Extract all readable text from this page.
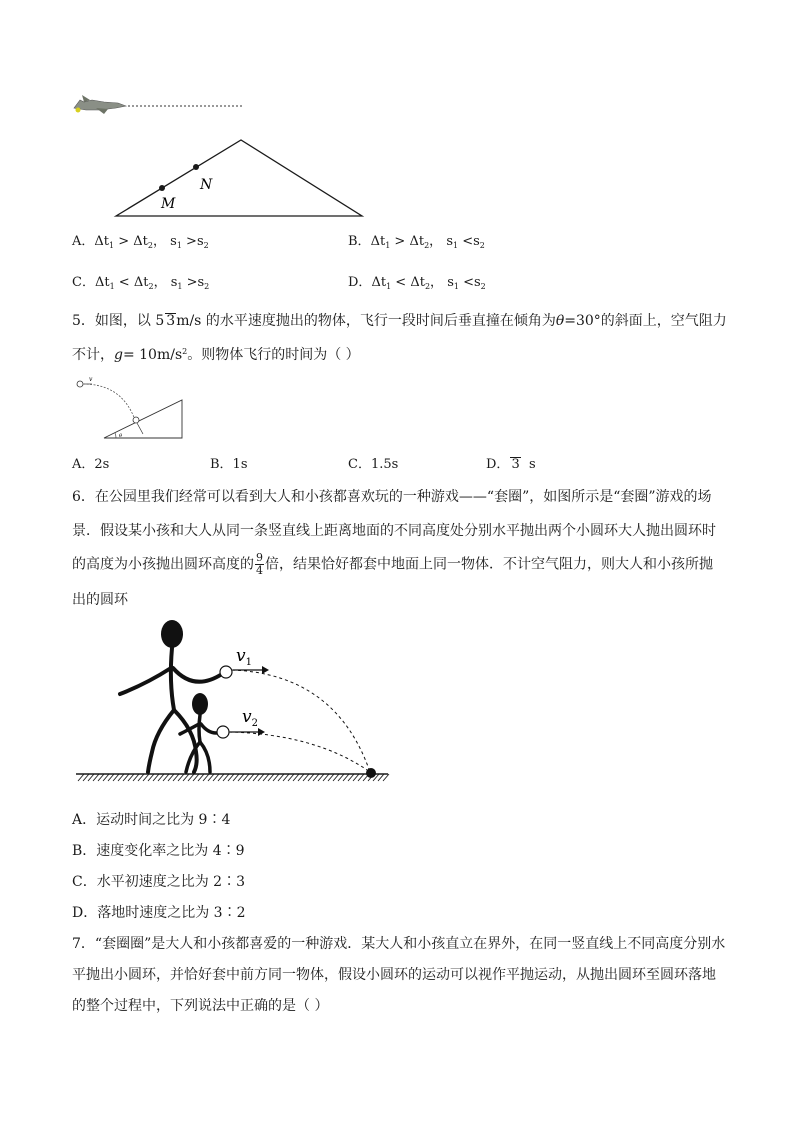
M
N
A．$\Delta t_1 > \Delta t_2$， $s_1 >s_2$	B．$\Delta t_1 > \Delta t_2$， $s_1 <s_2$
C．$\Delta t_1 < \Delta t_2$， $s_1 >s_2$	D．$\Delta t_1 < \Delta t_2$， $s_1 <s_2$
5．如图，以 5 3m/s 的水平速度抛出的物体，飞行一段时间后垂直撞在倾角为θ=30°的斜面上，空气阻力
不计，$g= 10m/s^2$。则物体飞行的时间为（ ）
v
θ
A．2s	B．1s	C．1.5s	D． 3 s
6．在公园里我们经常可以看到大人和小孩都喜欢玩的一种游戏——“套圈”，如图所示是“套圈”游戏的场
景．假设某小孩和大人从同一条竖直线上距离地面的不同高度处分别水平抛出两个小圆环大人抛出圆环时
的高度为小孩抛出圆环高度的 $\frac{9}{4}$ 倍，结果恰好都套中地面上同一物体．不计空气阻力，则大人和小孩所抛
出的圆环
$v_1$
$v_2$
A．运动时间之比为 9∶4
B．速度变化率之比为 4∶9
C．水平初速度之比为 2∶3
D．落地时速度之比为 3∶2
7．“套圈圈”是大人和小孩都喜爱的一种游戏．某大人和小孩直立在界外，在同一竖直线上不同高度分别水
平抛出小圆环，并恰好套中前方同一物体，假设小圆环的运动可以视作平抛运动，从抛出圆环至圆环落地
的整个过程中，下列说法中正确的是（ ）
